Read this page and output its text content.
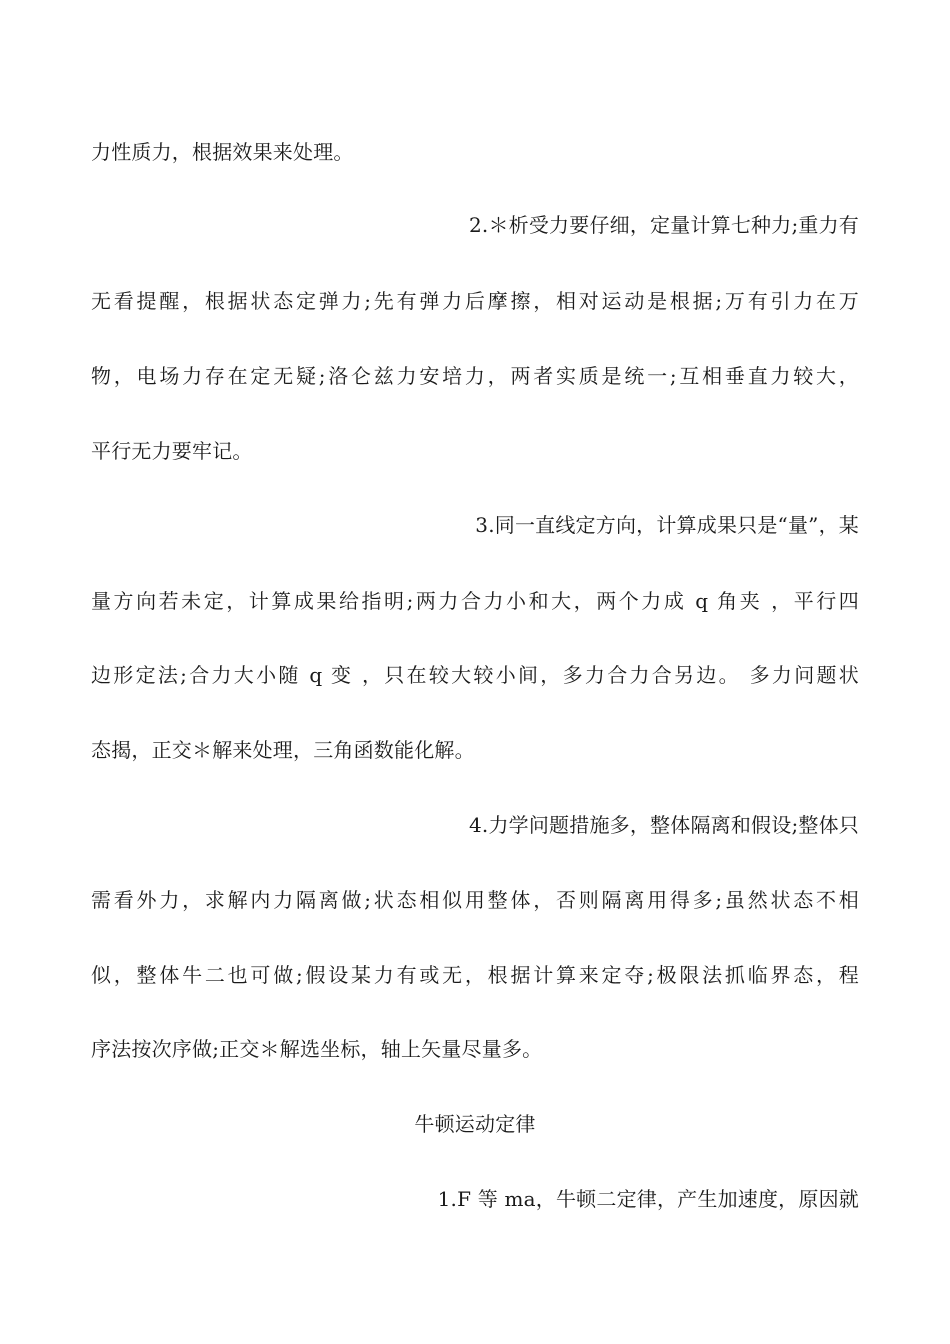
力性质力，根据效果来处理。
2.＊析受力要仔细，定量计算七种力;重力有
无看提醒，根据状态定弹力;先有弹力后摩擦，相对运动是根据;万有引力在万
物，电场力存在定无疑;洛仑兹力安培力，两者实质是统一;互相垂直力较大，
平行无力要牢记。
3.同一直线定方向，计算成果只是“量”，某
量方向若未定，计算成果给指明;两力合力小和大，两个力成 q 角夹 ，平行四
边形定法;合力大小随 q 变 ，只在较大较小间，多力合力合另边。 多力问题状
态揭，正交＊解来处理，三角函数能化解。
4.力学问题措施多，整体隔离和假设;整体只
需看外力，求解内力隔离做;状态相似用整体，否则隔离用得多;虽然状态不相
似，整体牛二也可做;假设某力有或无，根据计算来定夺;极限法抓临界态，程
序法按次序做;正交＊解选坐标，轴上矢量尽量多。
牛顿运动定律
1.F 等 ma，牛顿二定律，产生加速度，原因就
